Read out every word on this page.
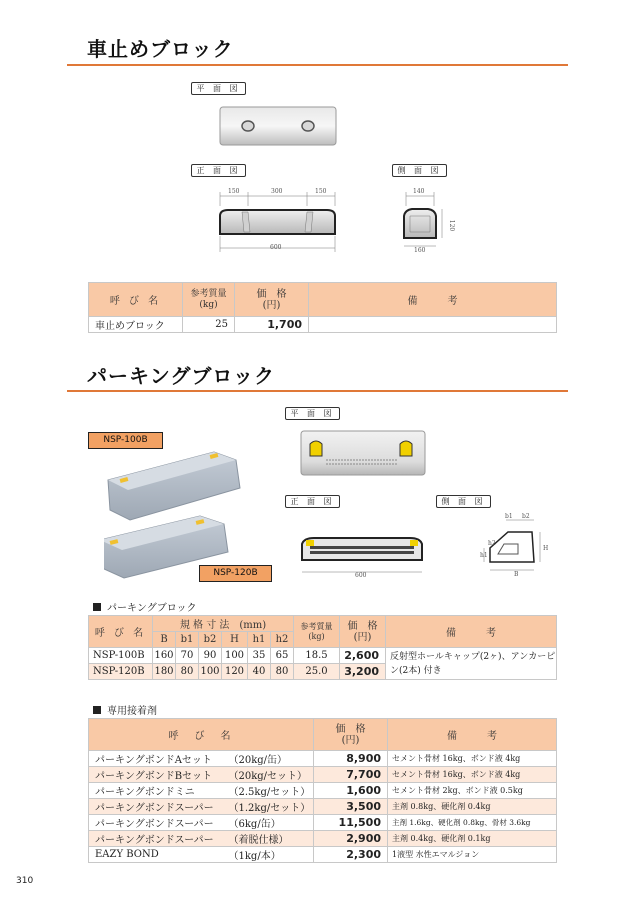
車止めブロック
平 面 図
正 面 図	側 面 図
150	300	150
600
140
120
160
呼 び 名	参考質量
(kg)	価　格
(円)	備　　　考
車止めブロック	25	1,700	
パーキングブロック
NSP-100B
NSP-120B
平 面 図
正 面 図	側 面 図
600
b1 b2
h2
h1
H
B
パーキングブロック
呼 び 名	規 格 寸 法　(mm)						参考質量
(kg)	価　格
(円)	備　　　考
	B	b1	b2	H	h1	h2			
NSP-100B	160	70	90	100	35	65	18.5	2,600	反射型ホールキャップ(2ヶ)、アンカーピン(2本) 付き
NSP-120B	180	80	100	120	40	80	25.0	3,200	
専用接着剤
呼　び　名		価　格
(円)	備　　　考
パーキングボンドAセット	（20kg/缶）	8,900	セメント骨材 16kg、ボンド液 4kg
パーキングボンドBセット	（20kg/セット）	7,700	セメント骨材 16kg、ボンド液 4kg
パーキングボンドミニ	（2.5kg/セット）	1,600	セメント骨材 2kg、ボンド液 0.5kg
パーキングボンドスーパー	（1.2kg/セット）	3,500	主剤 0.8kg、硬化剤 0.4kg
パーキングボンドスーパー	（6kg/缶）	11,500	主剤 1.6kg、硬化剤 0.8kg、骨材 3.6kg
パーキングボンドスーパー	（着脱仕様）	2,900	主剤 0.4kg、硬化剤 0.1kg
EAZY BOND	（1kg/本）	2,300	1液型 水性エマルジョン
310
